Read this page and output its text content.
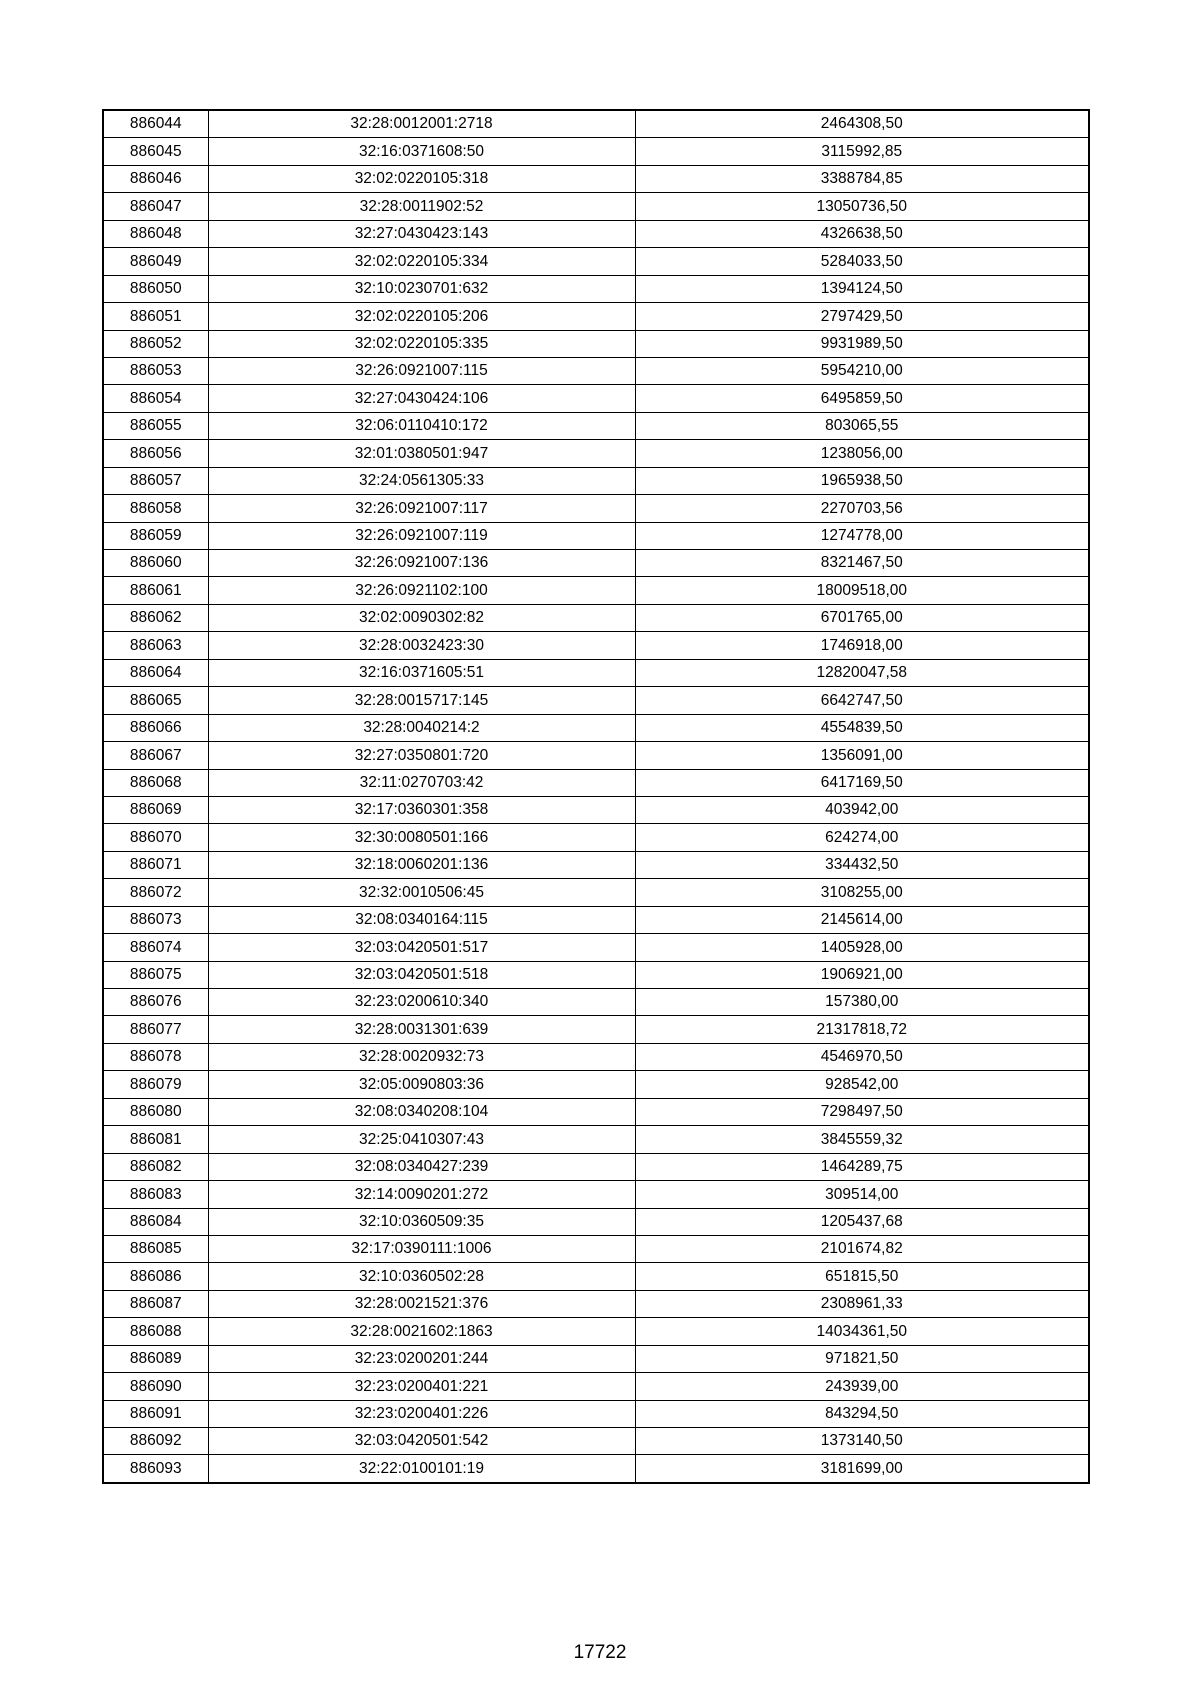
886044	32:28:0012001:2718	2464308,50
886045	32:16:0371608:50	3115992,85
886046	32:02:0220105:318	3388784,85
886047	32:28:0011902:52	13050736,50
886048	32:27:0430423:143	4326638,50
886049	32:02:0220105:334	5284033,50
886050	32:10:0230701:632	1394124,50
886051	32:02:0220105:206	2797429,50
886052	32:02:0220105:335	9931989,50
886053	32:26:0921007:115	5954210,00
886054	32:27:0430424:106	6495859,50
886055	32:06:0110410:172	803065,55
886056	32:01:0380501:947	1238056,00
886057	32:24:0561305:33	1965938,50
886058	32:26:0921007:117	2270703,56
886059	32:26:0921007:119	1274778,00
886060	32:26:0921007:136	8321467,50
886061	32:26:0921102:100	18009518,00
886062	32:02:0090302:82	6701765,00
886063	32:28:0032423:30	1746918,00
886064	32:16:0371605:51	12820047,58
886065	32:28:0015717:145	6642747,50
886066	32:28:0040214:2	4554839,50
886067	32:27:0350801:720	1356091,00
886068	32:11:0270703:42	6417169,50
886069	32:17:0360301:358	403942,00
886070	32:30:0080501:166	624274,00
886071	32:18:0060201:136	334432,50
886072	32:32:0010506:45	3108255,00
886073	32:08:0340164:115	2145614,00
886074	32:03:0420501:517	1405928,00
886075	32:03:0420501:518	1906921,00
886076	32:23:0200610:340	157380,00
886077	32:28:0031301:639	21317818,72
886078	32:28:0020932:73	4546970,50
886079	32:05:0090803:36	928542,00
886080	32:08:0340208:104	7298497,50
886081	32:25:0410307:43	3845559,32
886082	32:08:0340427:239	1464289,75
886083	32:14:0090201:272	309514,00
886084	32:10:0360509:35	1205437,68
886085	32:17:0390111:1006	2101674,82
886086	32:10:0360502:28	651815,50
886087	32:28:0021521:376	2308961,33
886088	32:28:0021602:1863	14034361,50
886089	32:23:0200201:244	971821,50
886090	32:23:0200401:221	243939,00
886091	32:23:0200401:226	843294,50
886092	32:03:0420501:542	1373140,50
886093	32:22:0100101:19	3181699,00
17722
